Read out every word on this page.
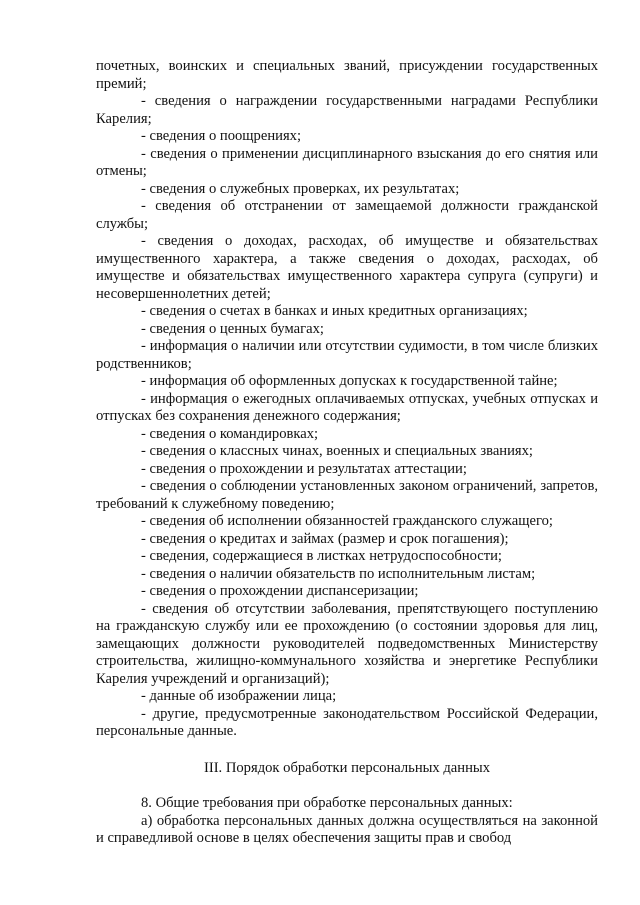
почетных, воинских и специальных званий, присуждении государственных премий;

- сведения о награждении государственными наградами Республики Карелия;

- сведения о поощрениях;

- сведения о применении дисциплинарного взыскания до его снятия или отмены;

- сведения о служебных проверках, их результатах;

- сведения об отстранении от замещаемой должности гражданской службы;

- сведения о доходах, расходах, об имуществе и обязательствах имущественного характера, а также сведения о доходах, расходах, об имуществе и обязательствах имущественного характера супруга (супруги) и несовершеннолетних детей;

- сведения о счетах в банках и иных кредитных организациях;

- сведения о ценных бумагах;

- информация о наличии или отсутствии судимости, в том числе близких родственников;

- информация об оформленных допусках к государственной тайне;

- информация о ежегодных оплачиваемых отпусках, учебных отпусках и отпусках без сохранения денежного содержания;

- сведения о командировках;

- сведения о классных чинах, военных и специальных званиях;

- сведения о прохождении и результатах аттестации;

- сведения о соблюдении установленных законом ограничений, запретов, требований к служебному поведению;

- сведения об исполнении обязанностей гражданского служащего;

- сведения о кредитах и займах (размер и срок погашения);

- сведения, содержащиеся в листках нетрудоспособности;

- сведения о наличии обязательств по исполнительным листам;

- сведения о прохождении диспансеризации;

- сведения об отсутствии заболевания, препятствующего поступлению на гражданскую службу или ее прохождению (о состоянии здоровья для лиц, замещающих должности руководителей подведомственных Министерству строительства, жилищно-коммунального хозяйства и энергетике Республики Карелия учреждений и организаций);

- данные об изображении лица;

- другие, предусмотренные законодательством Российской Федерации, персональные данные.

III. Порядок обработки персональных данных

8. Общие требования при обработке персональных данных:

а) обработка персональных данных должна осуществляться на законной и справедливой основе в целях обеспечения защиты прав и свобод
